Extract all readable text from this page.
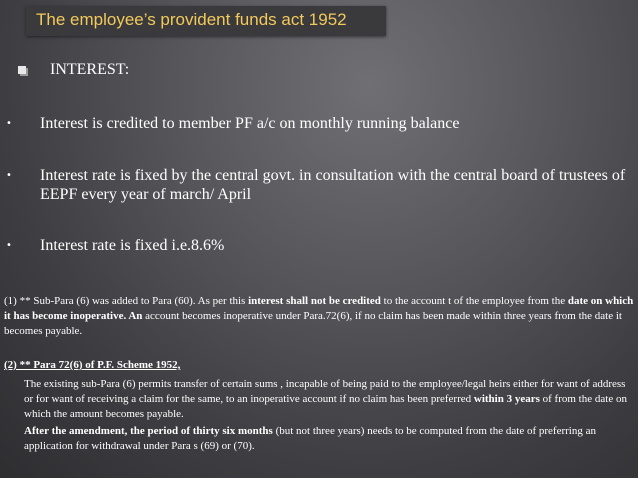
The employee’s provident funds act 1952
INTEREST:
• Interest is credited to member PF a/c on monthly running balance
• Interest rate is fixed by the central govt. in consultation with the central board of trustees of EEPF every year of march/ April
• Interest rate is fixed i.e.8.6%
(1) ** Sub-Para (6) was added to Para (60). As per this interest shall not be credited to the account t of the employee from the date on which it has become inoperative. An account becomes inoperative under Para.72(6), if no claim has been made within three years from the date it becomes payable.
(2) ** Para 72(6) of P.F. Scheme 1952,
The existing sub-Para (6) permits transfer of certain sums , incapable of being paid to the employee/legal heirs either for want of address or for want of receiving a claim for the same, to an inoperative account if no claim has been preferred within 3 years of from the date on which the amount becomes payable.
After the amendment, the period of thirty six months (but not three years) needs to be computed from the date of preferring an application for withdrawal under Para s (69) or (70).
